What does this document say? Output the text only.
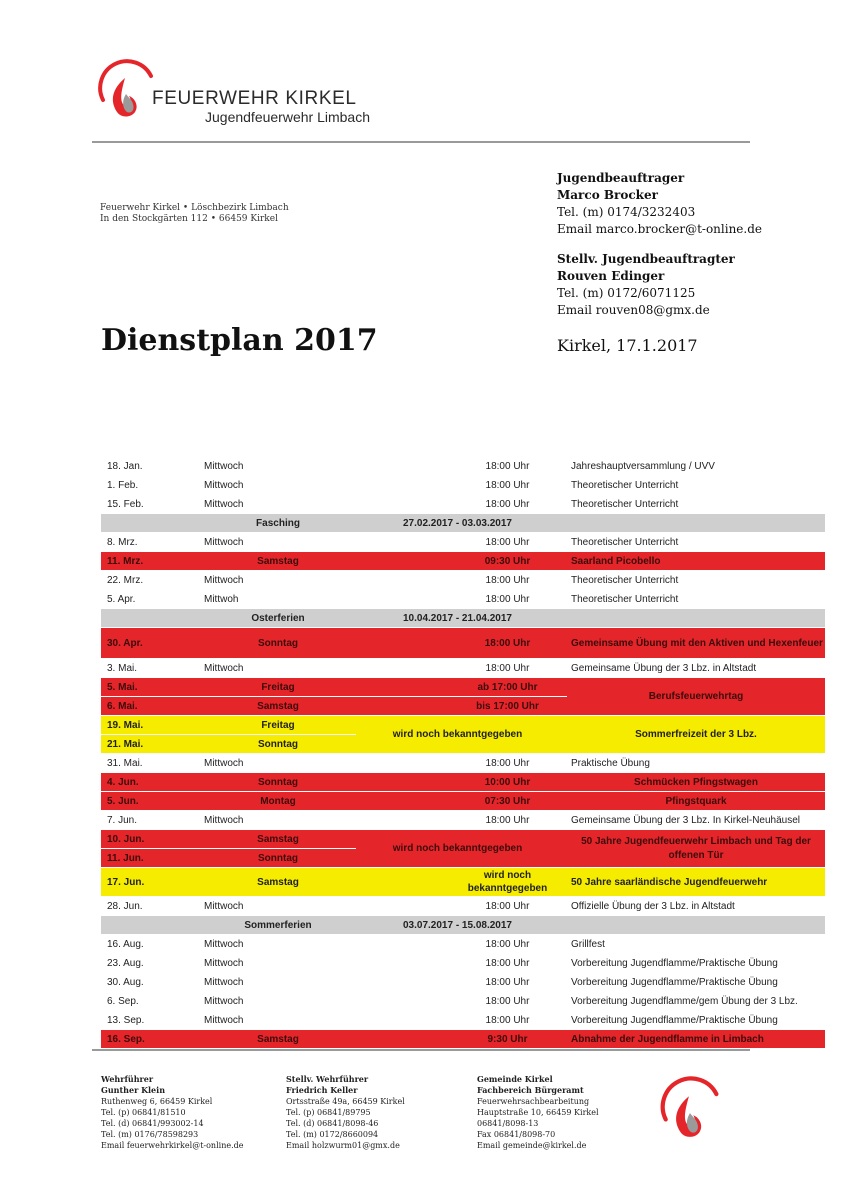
FEUERWEHR KIRKEL
Jugendfeuerwehr Limbach
Feuerwehr Kirkel • Löschbezirk Limbach
In den Stockgärten 112 • 66459 Kirkel
Jugendbeauftrager
Marco Brocker
Tel. (m) 0174/3232403
Email marco.brocker@t-online.de
Stellv. Jugendbeauftragter
Rouven Edinger
Tel. (m) 0172/6071125
Email rouven08@gmx.de
Dienstplan 2017	Kirkel, 17.1.2017
18. Jan.	Mittwoch		18:00 Uhr		Jahreshauptversammlung / UVV
1. Feb.	Mittwoch		18:00 Uhr		Theoretischer Unterricht
15. Feb.	Mittwoch		18:00 Uhr		Theoretischer Unterricht
	Fasching	27.02.2017 - 03.03.2017			
8. Mrz.	Mittwoch		18:00 Uhr		Theoretischer Unterricht
11. Mrz.	Samstag		09:30 Uhr		Saarland Picobello
22. Mrz.	Mittwoch		18:00 Uhr		Theoretischer Unterricht
5. Apr.	Mittwoh		18:00 Uhr		Theoretischer Unterricht
	Osterferien	10.04.2017 - 21.04.2017			
30. Apr.	Sonntag		18:00 Uhr		Gemeinsame Übung mit den Aktiven und Hexenfeuer
3. Mai.	Mittwoch		18:00 Uhr		Gemeinsame Übung der 3 Lbz. in Altstadt
5. Mai.	Freitag		ab 17:00 Uhr		Berufsfeuerwehrtag
6. Mai.	Samstag		bis 17:00 Uhr		
19. Mai.	Freitag	wird noch bekanntgegeben			Sommerfreizeit der 3 Lbz.
21. Mai.	Sonntag				
31. Mai.	Mittwoch		18:00 Uhr		Praktische Übung
4. Jun.	Sonntag		10:00 Uhr		Schmücken Pfingstwagen
5. Jun.	Montag		07:30 Uhr		Pfingstquark
7. Jun.	Mittwoch		18:00 Uhr		Gemeinsame Übung der 3 Lbz. In Kirkel-Neuhäusel
10. Jun.	Samstag	wird noch bekanntgegeben			50 Jahre Jugendfeuerwehr Limbach und Tag der offenen Tür
11. Jun.	Sonntag				
17. Jun.	Samstag		wird noch bekanntgegeben		50 Jahre saarländische Jugendfeuerwehr
28. Jun.	Mittwoch		18:00 Uhr		Offizielle Übung der 3 Lbz. in Altstadt
	Sommerferien	03.07.2017 - 15.08.2017			
16. Aug.	Mittwoch		18:00 Uhr		Grillfest
23. Aug.	Mittwoch		18:00 Uhr		Vorbereitung Jugendflamme/Praktische Übung
30. Aug.	Mittwoch		18:00 Uhr		Vorbereitung Jugendflamme/Praktische Übung
6. Sep.	Mittwoch		18:00 Uhr		Vorbereitung Jugendflamme/gem Übung der 3 Lbz.
13. Sep.	Mittwoch		18:00 Uhr		Vorbereitung Jugendflamme/Praktische Übung
16. Sep.	Samstag		9:30 Uhr		Abnahme der Jugendflamme in Limbach
Wehrführer
Gunther Klein
Ruthenweg 6, 66459 Kirkel
Tel. (p) 06841/81510
Tel. (d) 06841/993002-14
Tel. (m) 0176/78598293
Email feuerwehrkirkel@t-online.de
Stellv. Wehrführer
Friedrich Keller
Ortsstraße 49a, 66459 Kirkel
Tel. (p) 06841/89795
Tel. (d) 06841/8098-46
Tel. (m) 0172/8660094
Email holzwurm01@gmx.de
Gemeinde Kirkel
Fachbereich Bürgeramt
Feuerwehrsachbearbeitung
Hauptstraße 10, 66459 Kirkel
06841/8098-13
Fax 06841/8098-70
Email gemeinde@kirkel.de
